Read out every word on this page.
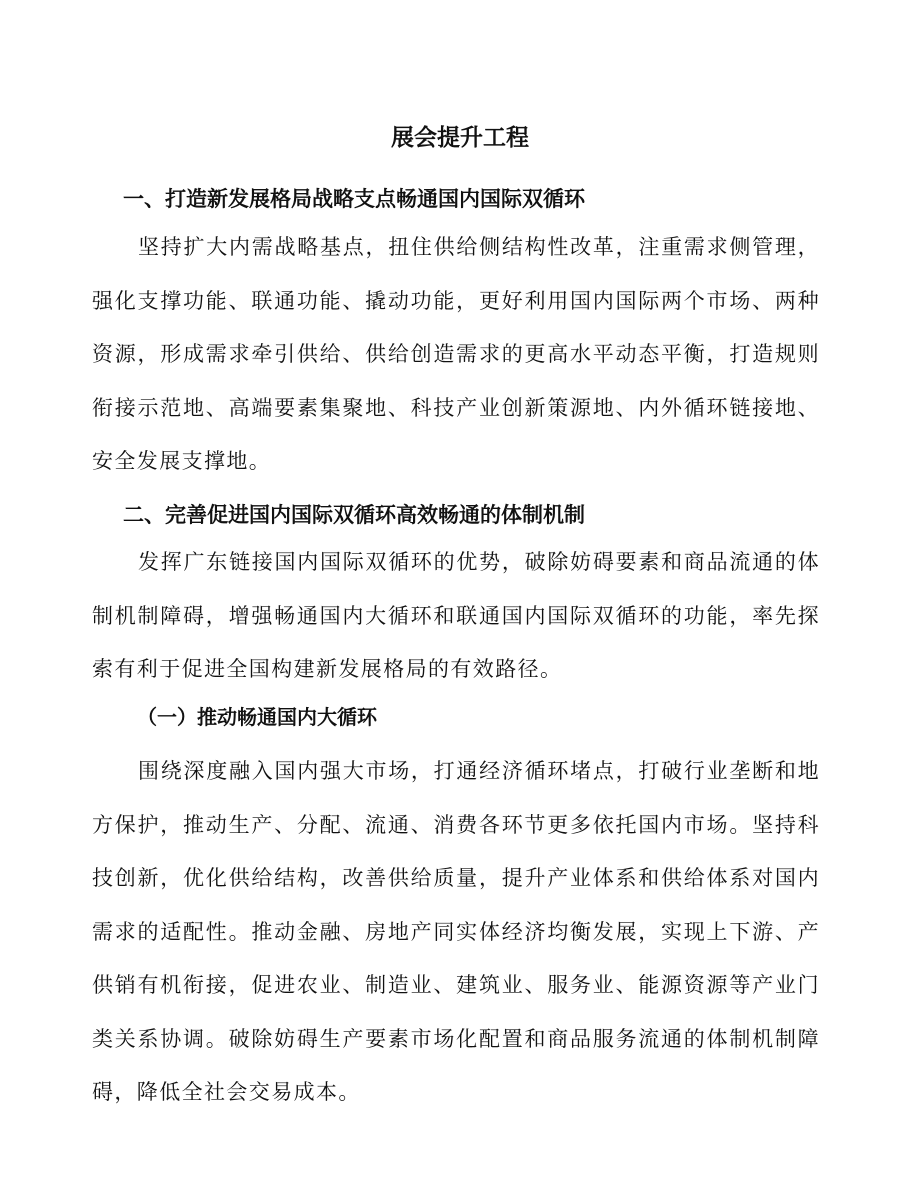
展会提升工程
一、打造新发展格局战略支点畅通国内国际双循环

坚持扩大内需战略基点，扭住供给侧结构性改革，注重需求侧管理，强化支撑功能、联通功能、撬动功能，更好利用国内国际两个市场、两种资源，形成需求牵引供给、供给创造需求的更高水平动态平衡，打造规则衔接示范地、高端要素集聚地、科技产业创新策源地、内外循环链接地、安全发展支撑地。

二、完善促进国内国际双循环高效畅通的体制机制

发挥广东链接国内国际双循环的优势，破除妨碍要素和商品流通的体制机制障碍，增强畅通国内大循环和联通国内国际双循环的功能，率先探索有利于促进全国构建新发展格局的有效路径。

（一）推动畅通国内大循环

围绕深度融入国内强大市场，打通经济循环堵点，打破行业垄断和地方保护，推动生产、分配、流通、消费各环节更多依托国内市场。坚持科技创新，优化供给结构，改善供给质量，提升产业体系和供给体系对国内需求的适配性。推动金融、房地产同实体经济均衡发展，实现上下游、产供销有机衔接，促进农业、制造业、建筑业、服务业、能源资源等产业门类关系协调。破除妨碍生产要素市场化配置和商品服务流通的体制机制障碍，降低全社会交易成本。
